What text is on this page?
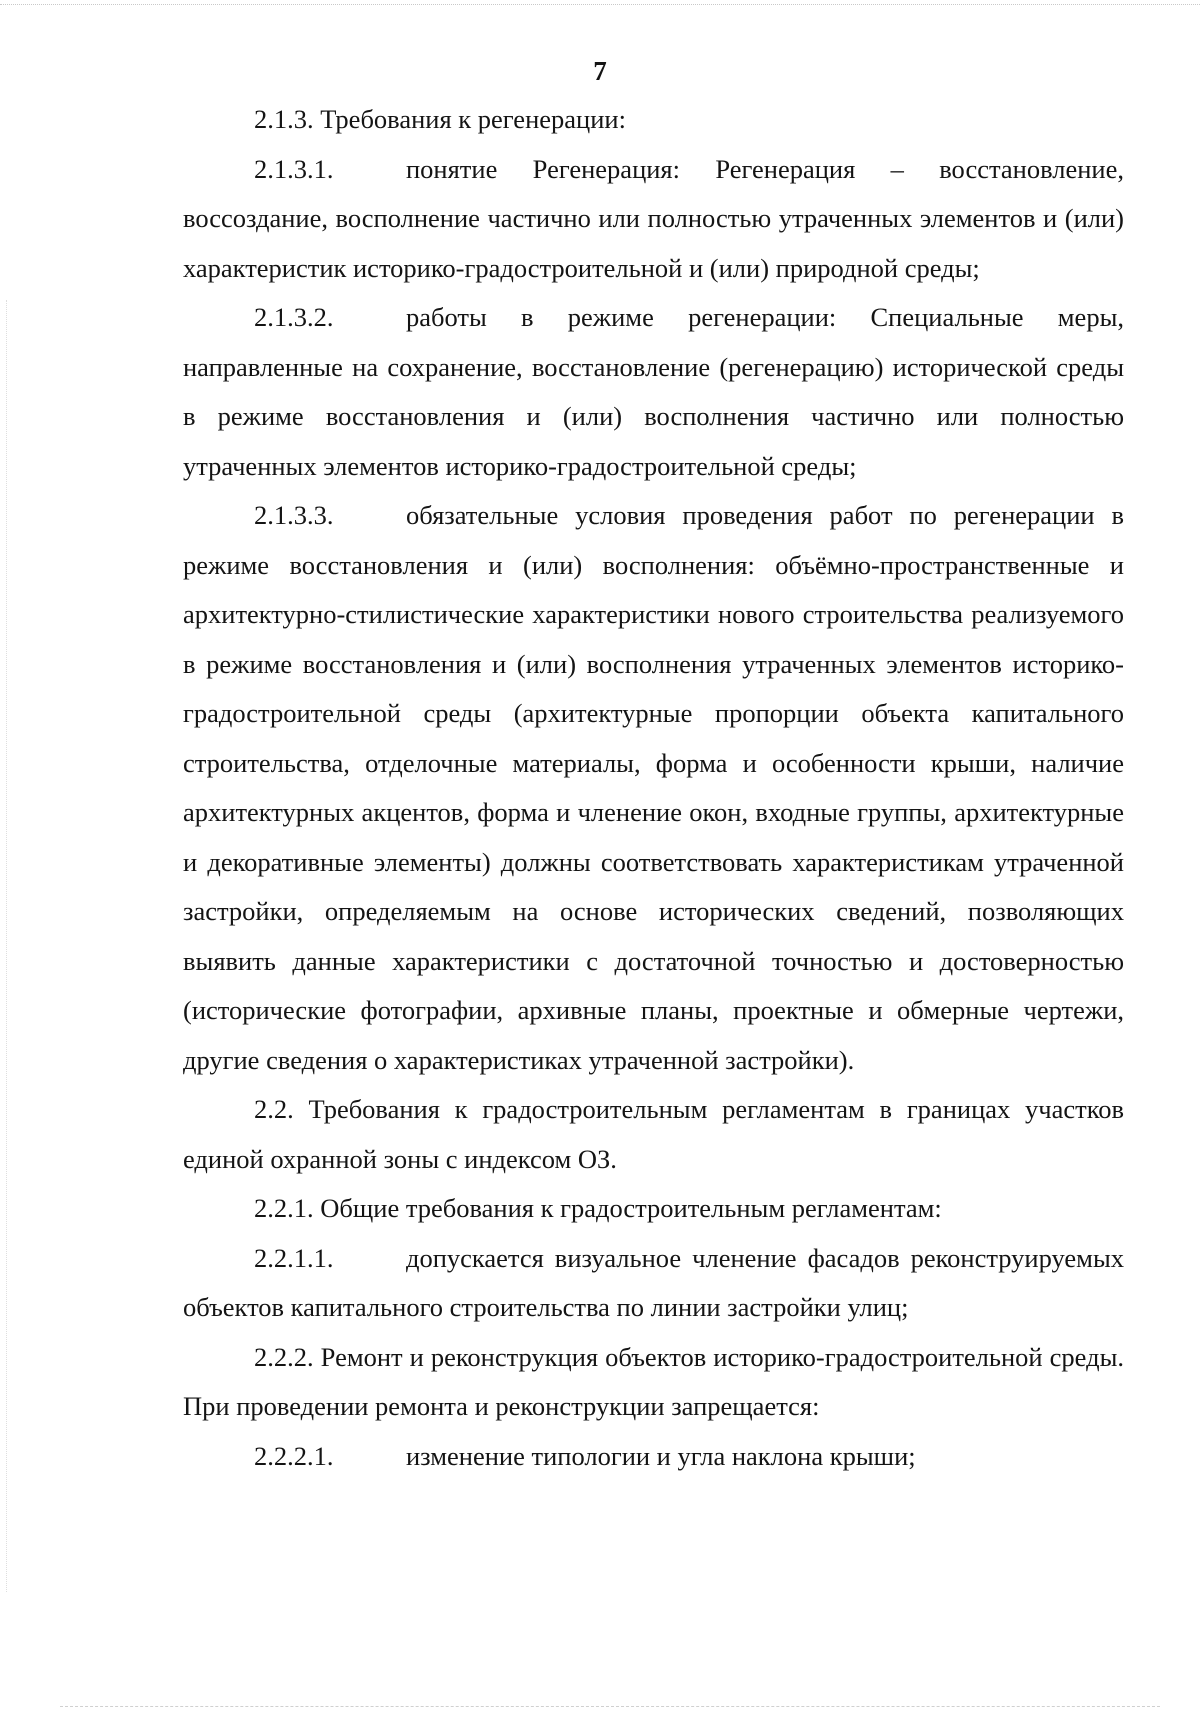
7

2.1.3. Требования к регенерации:

2.1.3.1.	понятие Регенерация: Регенерация – восстановление, воссоздание, восполнение частично или полностью утраченных элементов и (или) характеристик историко-градостроительной и (или) природной среды;

2.1.3.2.	работы в режиме регенерации: Специальные меры, направленные на сохранение, восстановление (регенерацию) исторической среды в режиме восстановления и (или) восполнения частично или полностью утраченных элементов историко-градостроительной среды;

2.1.3.3.	обязательные условия проведения работ по регенерации в режиме восстановления и (или) восполнения: объёмно-пространственные и архитектурно-стилистические характеристики нового строительства реализуемого в режиме восстановления и (или) восполнения утраченных элементов историко-градостроительной среды (архитектурные пропорции объекта капитального строительства, отделочные материалы, форма и особенности крыши, наличие архитектурных акцентов, форма и членение окон, входные группы, архитектурные и декоративные элементы) должны соответствовать характеристикам утраченной застройки, определяемым на основе исторических сведений, позволяющих выявить данные характеристики с достаточной точностью и достоверностью (исторические фотографии, архивные планы, проектные и обмерные чертежи, другие сведения о характеристиках утраченной застройки).

2.2. Требования к градостроительным регламентам в границах участков единой охранной зоны с индексом ОЗ.

2.2.1. Общие требования к градостроительным регламентам:

2.2.1.1.	допускается визуальное членение фасадов реконструируемых объектов капитального строительства по линии застройки улиц;

2.2.2. Ремонт и реконструкция объектов историко-градостроительной среды. При проведении ремонта и реконструкции запрещается:

2.2.2.1.	изменение типологии и угла наклона крыши;
